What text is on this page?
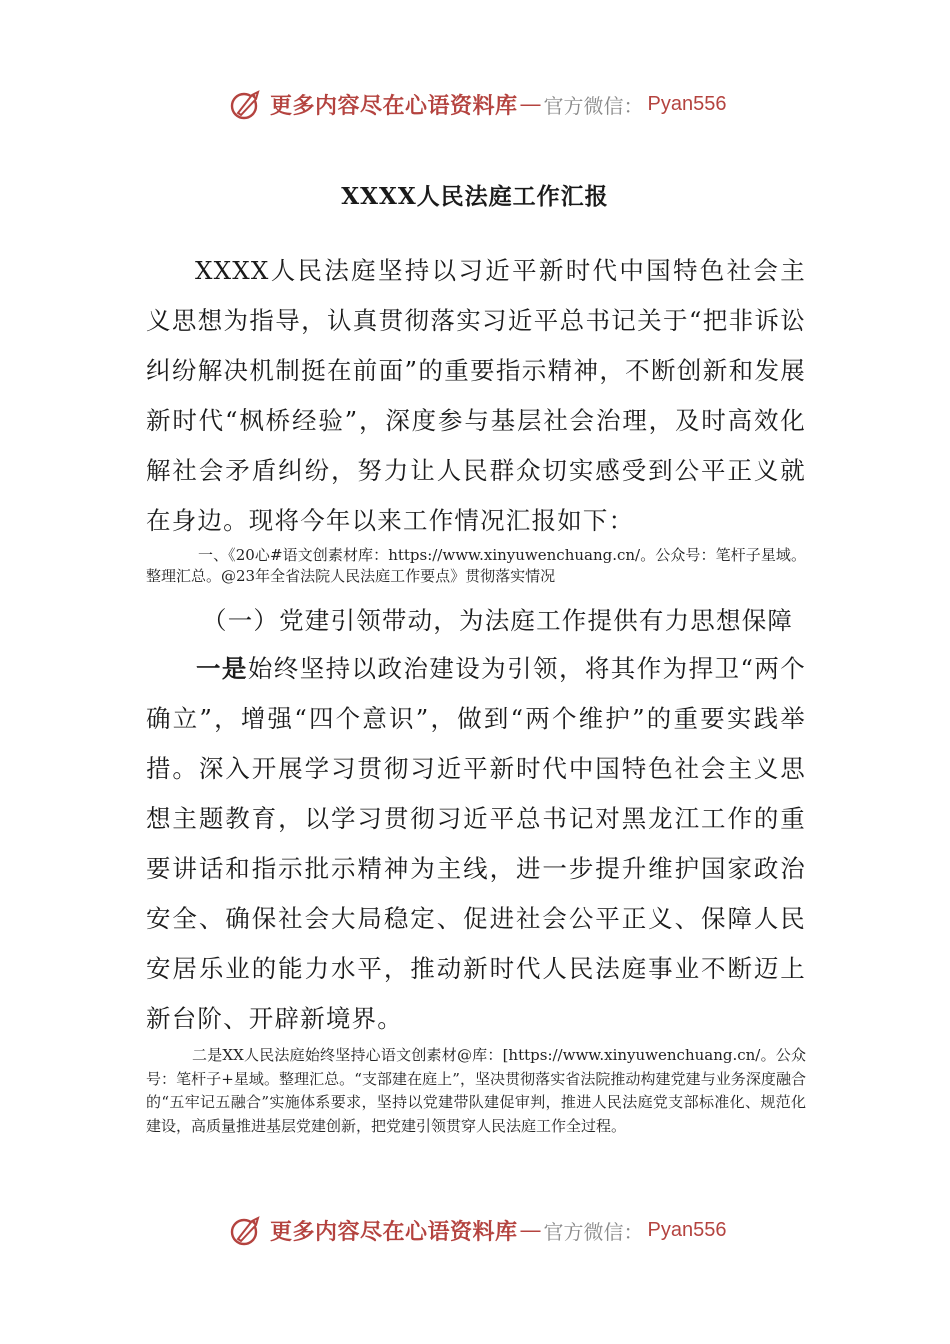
更多内容尽在心语资料库 — 官方微信： Pyan556
XXXX人民法庭工作汇报

XXXX人民法庭坚持以习近平新时代中国特色社会主义思想为指导，认真贯彻落实习近平总书记关于“把非诉讼纠纷解决机制挺在前面”的重要指示精神，不断创新和发展新时代“枫桥经验”，深度参与基层社会治理，及时高效化解社会矛盾纠纷，努力让人民群众切实感受到公平正义就在身边。现将今年以来工作情况汇报如下：

一、《20心#语文创素材库：https://www.xinyuwenchuang.cn/。公众号：笔杆子星域。整理汇总。@23年全省法院人民法庭工作要点》贯彻落实情况

（一）党建引领带动，为法庭工作提供有力思想保障

一是始终坚持以政治建设为引领，将其作为捍卫“两个确立”，增强“四个意识”，做到“两个维护”的重要实践举措。深入开展学习贯彻习近平新时代中国特色社会主义思想主题教育，以学习贯彻习近平总书记对黑龙江工作的重要讲话和指示批示精神为主线，进一步提升维护国家政治安全、确保社会大局稳定、促进社会公平正义、保障人民安居乐业的能力水平，推动新时代人民法庭事业不断迈上新台阶、开辟新境界。

二是XX人民法庭始终坚持心语文创素材@库：[https://www.xinyuwenchuang.cn/。公众号：笔杆子+星域。整理汇总。“支部建在庭上”，坚决贯彻落实省法院推动构建党建与业务深度融合的“五牢记五融合”实施体系要求，坚持以党建带队建促审判，推进人民法庭党支部标准化、规范化建设，高质量推进基层党建创新，把党建引领贯穿人民法庭工作全过程。

更多内容尽在心语资料库 — 官方微信： Pyan556
